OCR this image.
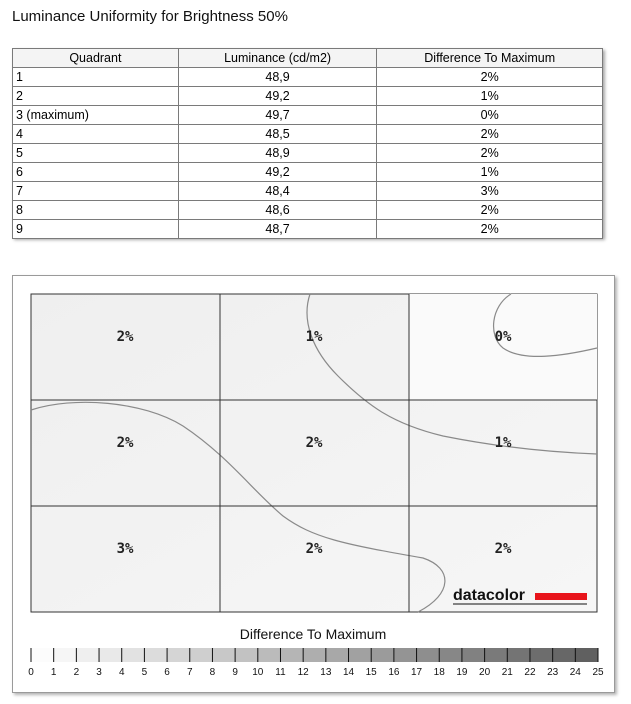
Luminance Uniformity for Brightness 50%
Quadrant	Luminance (cd/m2)	Difference To Maximum
1	48,9	2%
2	49,2	1%
3 (maximum)	49,7	0%
4	48,5	2%
5	48,9	2%
6	49,2	1%
7	48,4	3%
8	48,6	2%
9	48,7	2%
2%	1%	0%
2%	2%	1%
3%	2%	2%
datacolor
Difference To Maximum
0 1 2 3 4 5 6 7 8 9 10 11 12 13 14 15 16 17 18 19 20 21 22 23 24 25
